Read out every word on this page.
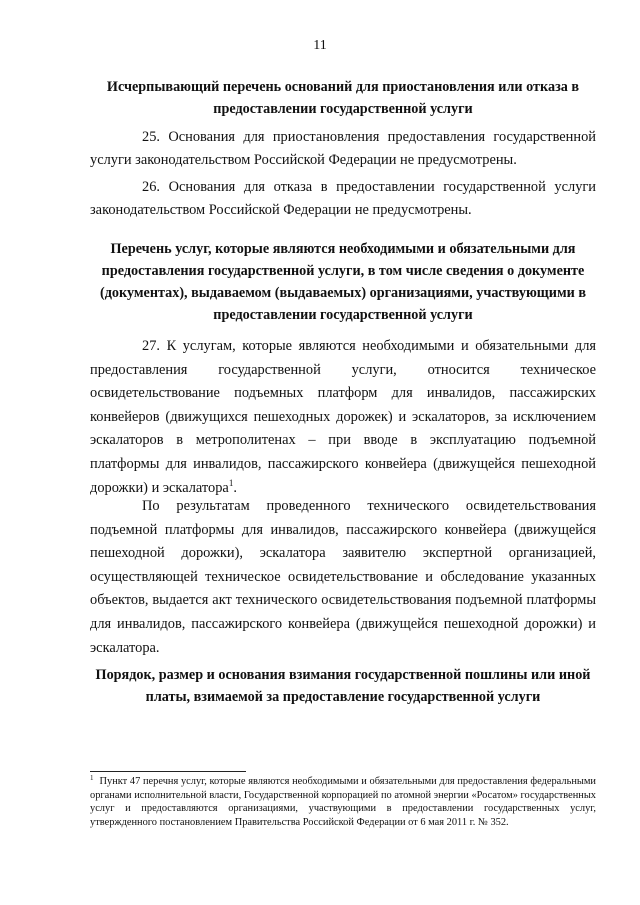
11
Исчерпывающий перечень оснований для приостановления или отказа в предоставлении государственной услуги
25. Основания для приостановления предоставления государственной услуги законодательством Российской Федерации не предусмотрены.
26. Основания для отказа в предоставлении государственной услуги законодательством Российской Федерации не предусмотрены.
Перечень услуг, которые являются необходимыми и обязательными для предоставления государственной услуги, в том числе сведения о документе (документах), выдаваемом (выдаваемых) организациями, участвующими в предоставлении государственной услуги
27. К услугам, которые являются необходимыми и обязательными для предоставления государственной услуги, относится техническое освидетельствование подъемных платформ для инвалидов, пассажирских конвейеров (движущихся пешеходных дорожек) и эскалаторов, за исключением эскалаторов в метрополитенах – при вводе в эксплуатацию подъемной платформы для инвалидов, пассажирского конвейера (движущейся пешеходной дорожки) и эскалатора$^1$.
По результатам проведенного технического освидетельствования подъемной платформы для инвалидов, пассажирского конвейера (движущейся пешеходной дорожки), эскалатора заявителю экспертной организацией, осуществляющей техническое освидетельствование и обследование указанных объектов, выдается акт технического освидетельствования подъемной платформы для инвалидов, пассажирского конвейера (движущейся пешеходной дорожки) и эскалатора.
Порядок, размер и основания взимания государственной пошлины или иной платы, взимаемой за предоставление государственной услуги
$^1$ Пункт 47 перечня услуг, которые являются необходимыми и обязательными для предоставления федеральными органами исполнительной власти, Государственной корпорацией по атомной энергии «Росатом» государственных услуг и предоставляются организациями, участвующими в предоставлении государственных услуг, утвержденного постановлением Правительства Российской Федерации от 6 мая 2011 г. № 352.
